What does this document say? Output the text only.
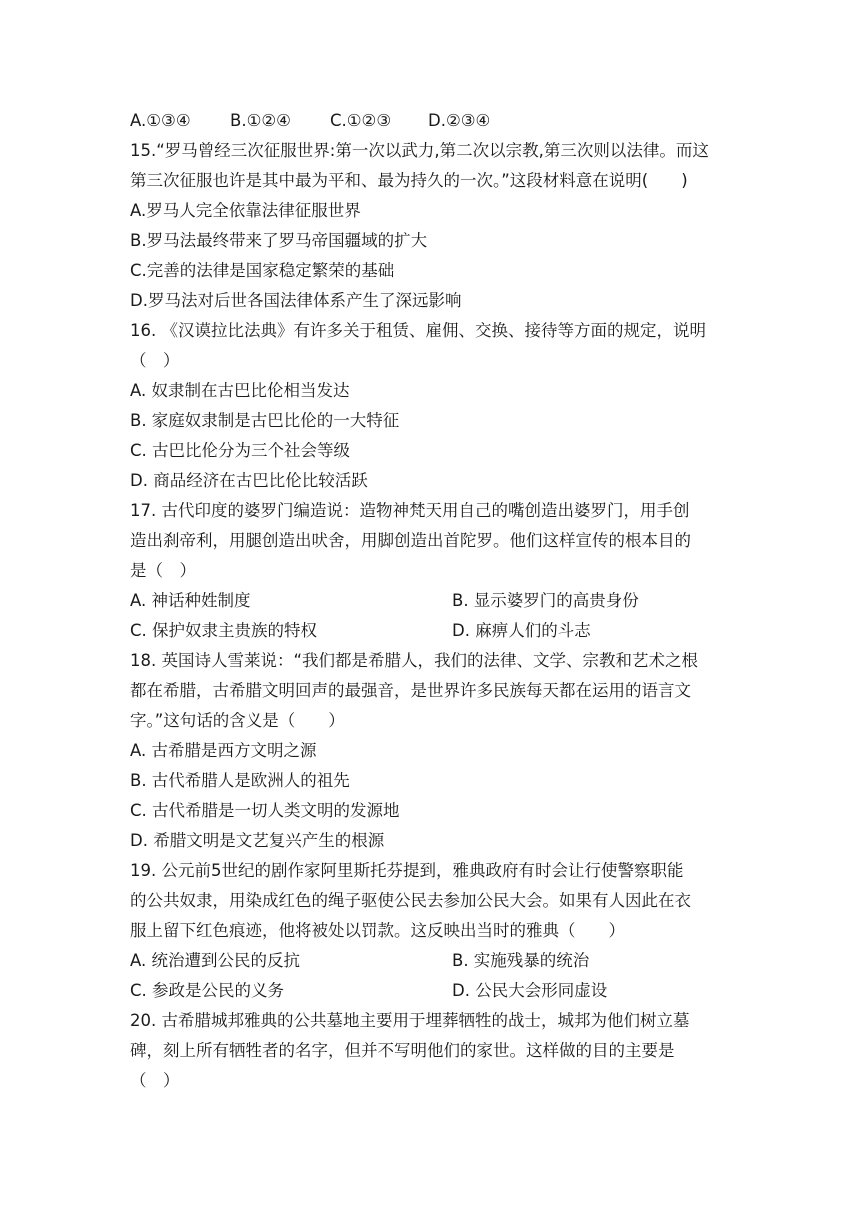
A.①③④ B.①②④ C.①②③ D.②③④
15.“罗马曾经三次征服世界:第一次以武力,第二次以宗教,第三次则以法律。而这
第三次征服也许是其中最为平和、最为持久的一次。”这段材料意在说明(　　)
A.罗马人完全依靠法律征服世界
B.罗马法最终带来了罗马帝国疆域的扩大
C.完善的法律是国家稳定繁荣的基础
D.罗马法对后世各国法律体系产生了深远影响
16. 《汉谟拉比法典》有许多关于租赁、雇佣、交换、接待等方面的规定，说明
（　）
A. 奴隶制在古巴比伦相当发达
B. 家庭奴隶制是古巴比伦的一大特征
C. 古巴比伦分为三个社会等级
D. 商品经济在古巴比伦比较活跃
17. 古代印度的婆罗门编造说：造物神梵天用自己的嘴创造出婆罗门，用手创
造出刹帝利，用腿创造出吠舍，用脚创造出首陀罗。他们这样宣传的根本目的
是（　）
A. 神话种姓制度	B. 显示婆罗门的高贵身份
C. 保护奴隶主贵族的特权	D. 麻痹人们的斗志
18. 英国诗人雪莱说：“我们都是希腊人，我们的法律、文学、宗教和艺术之根
都在希腊，古希腊文明回声的最强音，是世界许多民族每天都在运用的语言文
字。”这句话的含义是（　　）
A. 古希腊是西方文明之源
B. 古代希腊人是欧洲人的祖先
C. 古代希腊是一切人类文明的发源地
D. 希腊文明是文艺复兴产生的根源
19. 公元前5世纪的剧作家阿里斯托芬提到，雅典政府有时会让行使警察职能
的公共奴隶，用染成红色的绳子驱使公民去参加公民大会。如果有人因此在衣
服上留下红色痕迹，他将被处以罚款。这反映出当时的雅典（　　）
A. 统治遭到公民的反抗	B. 实施残暴的统治
C. 参政是公民的义务	D. 公民大会形同虚设
20. 古希腊城邦雅典的公共墓地主要用于埋葬牺牲的战士，城邦为他们树立墓
碑，刻上所有牺牲者的名字，但并不写明他们的家世。这样做的目的主要是
（　）
